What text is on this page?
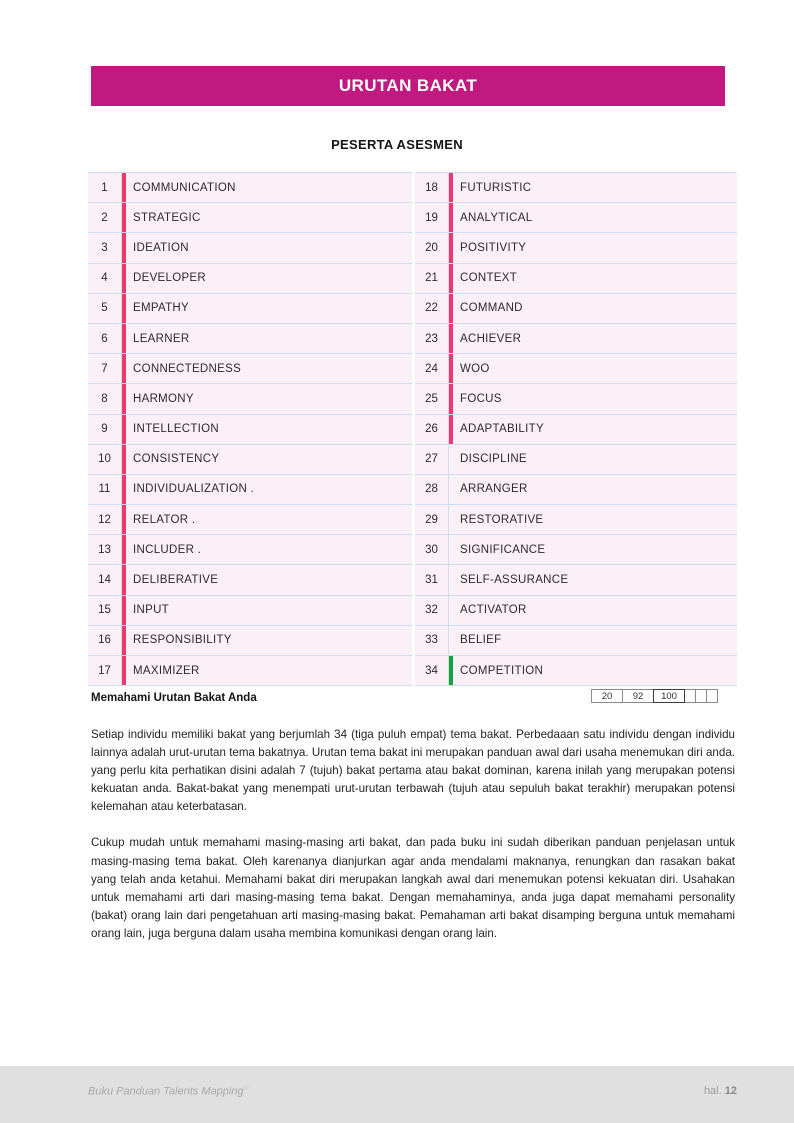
URUTAN BAKAT
PESERTA ASESMEN
1	COMMUNICATION
2	STRATEGIC
3	IDEATION
4	DEVELOPER
5	EMPATHY
6	LEARNER
7	CONNECTEDNESS
8	HARMONY
9	INTELLECTION
10	CONSISTENCY
11	INDIVIDUALIZATION .
12	RELATOR .
13	INCLUDER .
14	DELIBERATIVE
15	INPUT
16	RESPONSIBILITY
17	MAXIMIZER
18	FUTURISTIC
19	ANALYTICAL
20	POSITIVITY
21	CONTEXT
22	COMMAND
23	ACHIEVER
24	WOO
25	FOCUS
26	ADAPTABILITY
27	DISCIPLINE
28	ARRANGER
29	RESTORATIVE
30	SIGNIFICANCE
31	SELF-ASSURANCE
32	ACTIVATOR
33	BELIEF
34	COMPETITION
20	92	100
Memahami Urutan Bakat Anda

Setiap individu memiliki bakat yang berjumlah 34 (tiga puluh empat) tema bakat. Perbedaaan satu individu dengan individu lainnya adalah urut-urutan tema bakatnya. Urutan tema bakat ini merupakan panduan awal dari usaha menemukan diri anda. yang perlu kita perhatikan disini adalah 7 (tujuh) bakat pertama atau bakat dominan, karena inilah yang merupakan potensi kekuatan anda. Bakat-bakat yang menempati urut-urutan terbawah (tujuh atau sepuluh bakat terakhir) merupakan potensi kelemahan atau keterbatasan.

Cukup mudah untuk memahami masing-masing arti bakat, dan pada buku ini sudah diberikan panduan penjelasan untuk masing-masing tema bakat. Oleh karenanya dianjurkan agar anda mendalami maknanya, renungkan dan rasakan bakat yang telah anda ketahui. Memahami bakat diri merupakan langkah awal dari menemukan potensi kekuatan diri. Usahakan untuk memahami arti dari masing-masing tema bakat. Dengan memahaminya, anda juga dapat memahami personality (bakat) orang lain dari pengetahuan arti masing-masing bakat. Pemahaman arti bakat disamping berguna untuk memahami orang lain, juga berguna dalam usaha membina komunikasi dengan orang lain.

Buku Panduan Talents Mapping®	hal. 12
